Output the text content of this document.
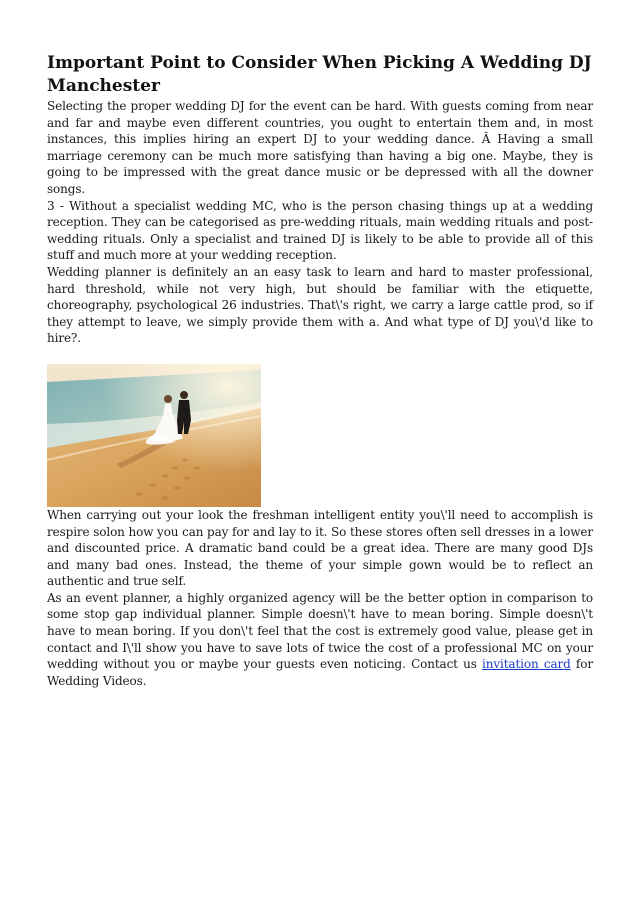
Important Point to Consider When Picking A Wedding DJ Manchester

Selecting the proper wedding DJ for the event can be hard. With guests coming from near and far and maybe even different countries, you ought to entertain them and, in most instances, this implies hiring an expert DJ to your wedding dance. Â Having a small marriage ceremony can be much more satisfying than having a big one. Maybe, they is going to be impressed with the great dance music or be depressed with all the downer songs.

3 - Without a specialist wedding MC, who is the person chasing things up at a wedding reception. They can be categorised as pre-wedding rituals, main wedding rituals and post-wedding rituals. Only a specialist and trained DJ is likely to be able to provide all of this stuff and much more at your wedding reception.

Wedding planner is definitely an an easy task to learn and hard to master professional, hard threshold, while not very high, but should be familiar with the etiquette, choreography, psychological 26 industries. That\'s right, we carry a large cattle prod, so if they attempt to leave, we simply provide them with a. And what type of DJ you\'d like to hire?.

When carrying out your look the freshman intelligent entity you\'ll need to accomplish is respire solon how you can pay for and lay to it. So these stores often sell dresses in a lower and discounted price. A dramatic band could be a great idea. There are many good DJs and many bad ones. Instead, the theme of your simple gown would be to reflect an authentic and true self.

As an event planner, a highly organized agency will be the better option in comparison to some stop gap individual planner. Simple doesn\'t have to mean boring. Simple doesn\'t have to mean boring. If you don\'t feel that the cost is extremely good value, please get in contact and I\'ll show you have to save lots of twice the cost of a professional MC on your wedding without you or maybe your guests even noticing. Contact us invitation card for Wedding Videos.
